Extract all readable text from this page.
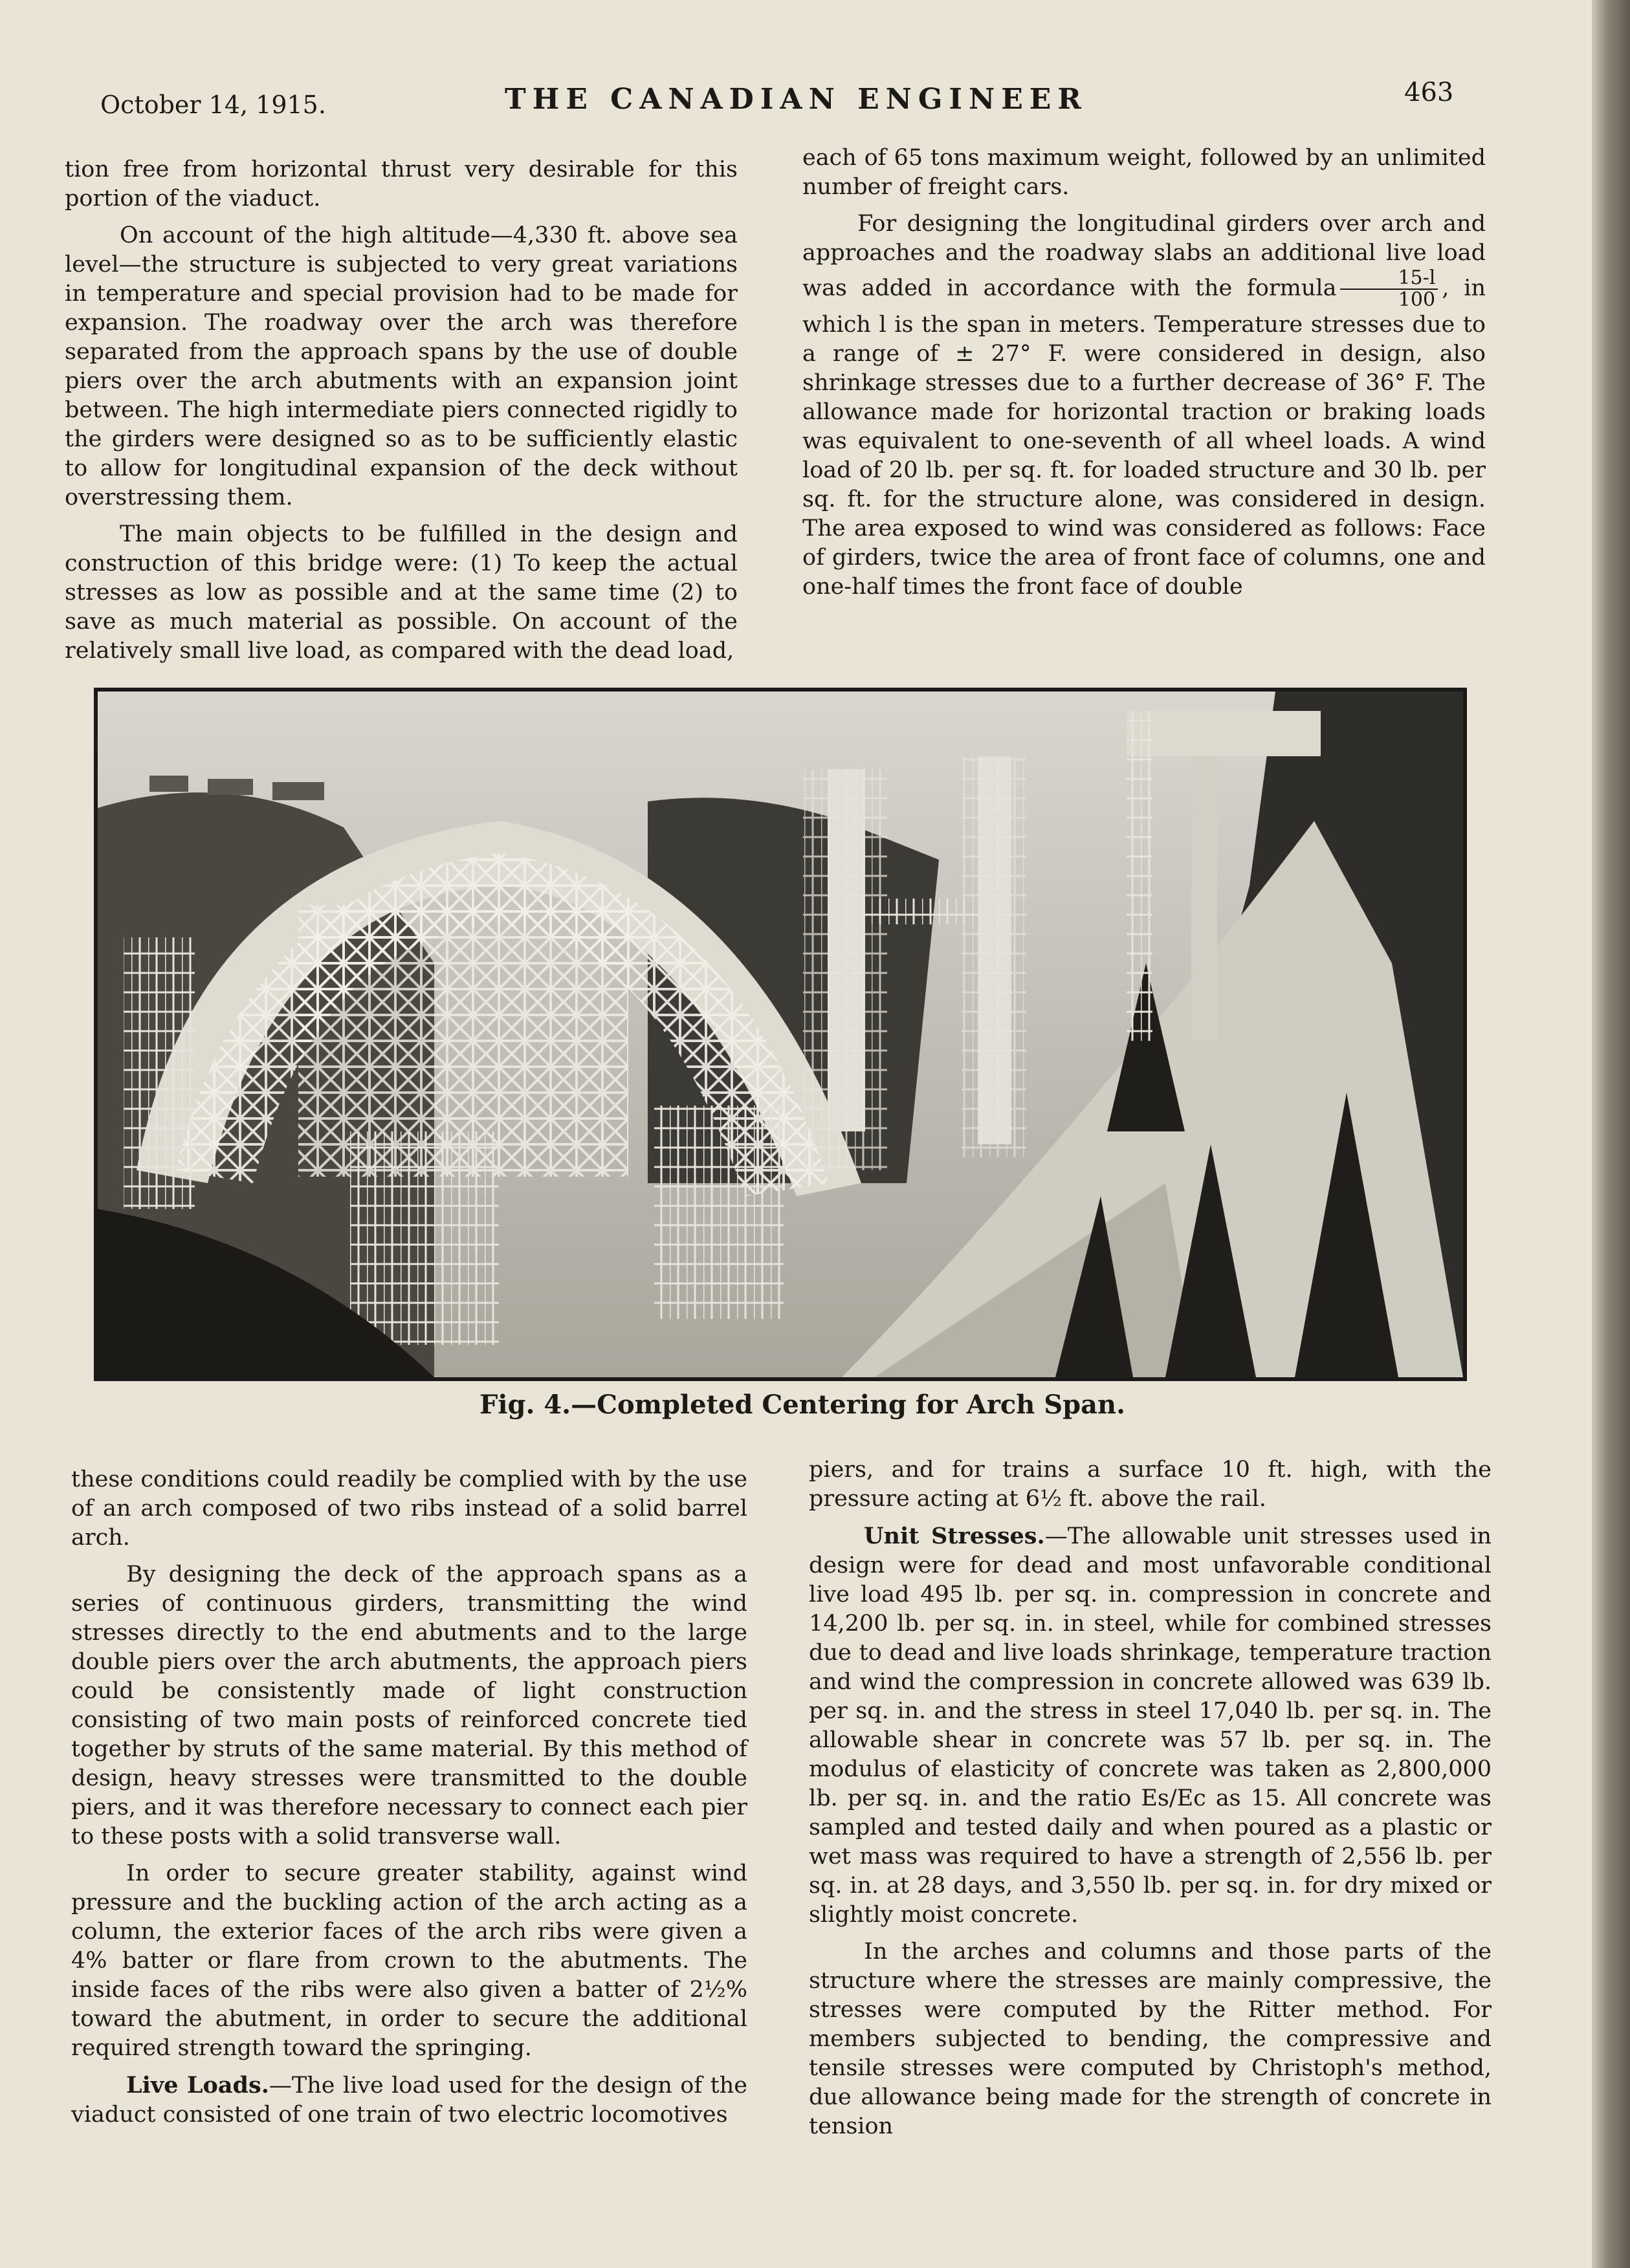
October 14, 1915.	THE CANADIAN ENGINEER	463

tion free from horizontal thrust very desirable for this portion of the viaduct.

On account of the high altitude—4,330 ft. above sea level—the structure is subjected to very great variations in temperature and special provision had to be made for expansion. The roadway over the arch was therefore separated from the approach spans by the use of double piers over the arch abutments with an expansion joint between. The high intermediate piers connected rigidly to the girders were designed so as to be sufficiently elastic to allow for longitudinal expansion of the deck without overstressing them.

The main objects to be fulfilled in the design and construction of this bridge were: (1) To keep the actual stresses as low as possible and at the same time (2) to save as much material as possible. On account of the relatively small live load, as compared with the dead load,

each of 65 tons maximum weight, followed by an unlimited number of freight cars.

For designing the longitudinal girders over arch and approaches and the roadway slabs an additional live load was added in accordance with the formula $\frac{15-l}{100}$ , in which l is the span in meters. Temperature stresses due to a range of ± 27° F. were considered in design, also shrinkage stresses due to a further decrease of 36° F. The allowance made for horizontal traction or braking loads was equivalent to one-seventh of all wheel loads. A wind load of 20 lb. per sq. ft. for loaded structure and 30 lb. per sq. ft. for the structure alone, was considered in design. The area exposed to wind was considered as follows: Face of girders, twice the area of front face of columns, one and one-half times the front face of double

Fig. 4.—Completed Centering for Arch Span.

these conditions could readily be complied with by the use of an arch composed of two ribs instead of a solid barrel arch.

By designing the deck of the approach spans as a series of continuous girders, transmitting the wind stresses directly to the end abutments and to the large double piers over the arch abutments, the approach piers could be consistently made of light construction consisting of two main posts of reinforced concrete tied together by struts of the same material. By this method of design, heavy stresses were transmitted to the double piers, and it was therefore necessary to connect each pier to these posts with a solid transverse wall.

In order to secure greater stability, against wind pressure and the buckling action of the arch acting as a column, the exterior faces of the arch ribs were given a 4% batter or flare from crown to the abutments. The inside faces of the ribs were also given a batter of 2½% toward the abutment, in order to secure the additional required strength toward the springing.

Live Loads.—The live load used for the design of the viaduct consisted of one train of two electric locomotives

piers, and for trains a surface 10 ft. high, with the pressure acting at 6½ ft. above the rail.

Unit Stresses.—The allowable unit stresses used in design were for dead and most unfavorable conditional live load 495 lb. per sq. in. compression in concrete and 14,200 lb. per sq. in. in steel, while for combined stresses due to dead and live loads shrinkage, temperature traction and wind the compression in concrete allowed was 639 lb. per sq. in. and the stress in steel 17,040 lb. per sq. in. The allowable shear in concrete was 57 lb. per sq. in. The modulus of elasticity of concrete was taken as 2,800,000 lb. per sq. in. and the ratio Es/Ec as 15. All concrete was sampled and tested daily and when poured as a plastic or wet mass was required to have a strength of 2,556 lb. per sq. in. at 28 days, and 3,550 lb. per sq. in. for dry mixed or slightly moist concrete.

In the arches and columns and those parts of the structure where the stresses are mainly compressive, the stresses were computed by the Ritter method. For members subjected to bending, the compressive and tensile stresses were computed by Christoph's method, due allowance being made for the strength of concrete in tension
